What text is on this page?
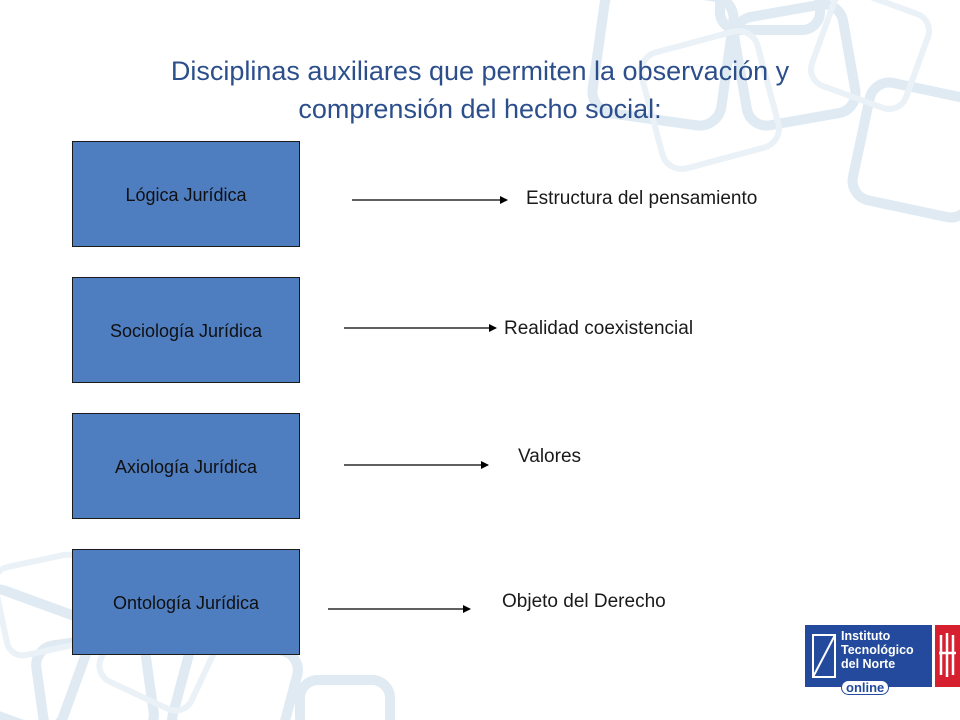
Disciplinas auxiliares que permiten la observación y
comprensión del hecho social:
Lógica Jurídica
Sociología Jurídica
Axiología Jurídica
Ontología Jurídica
Estructura del pensamiento
Realidad coexistencial
Valores
Objeto del Derecho
Instituto
Tecnológico
del Norte
online
